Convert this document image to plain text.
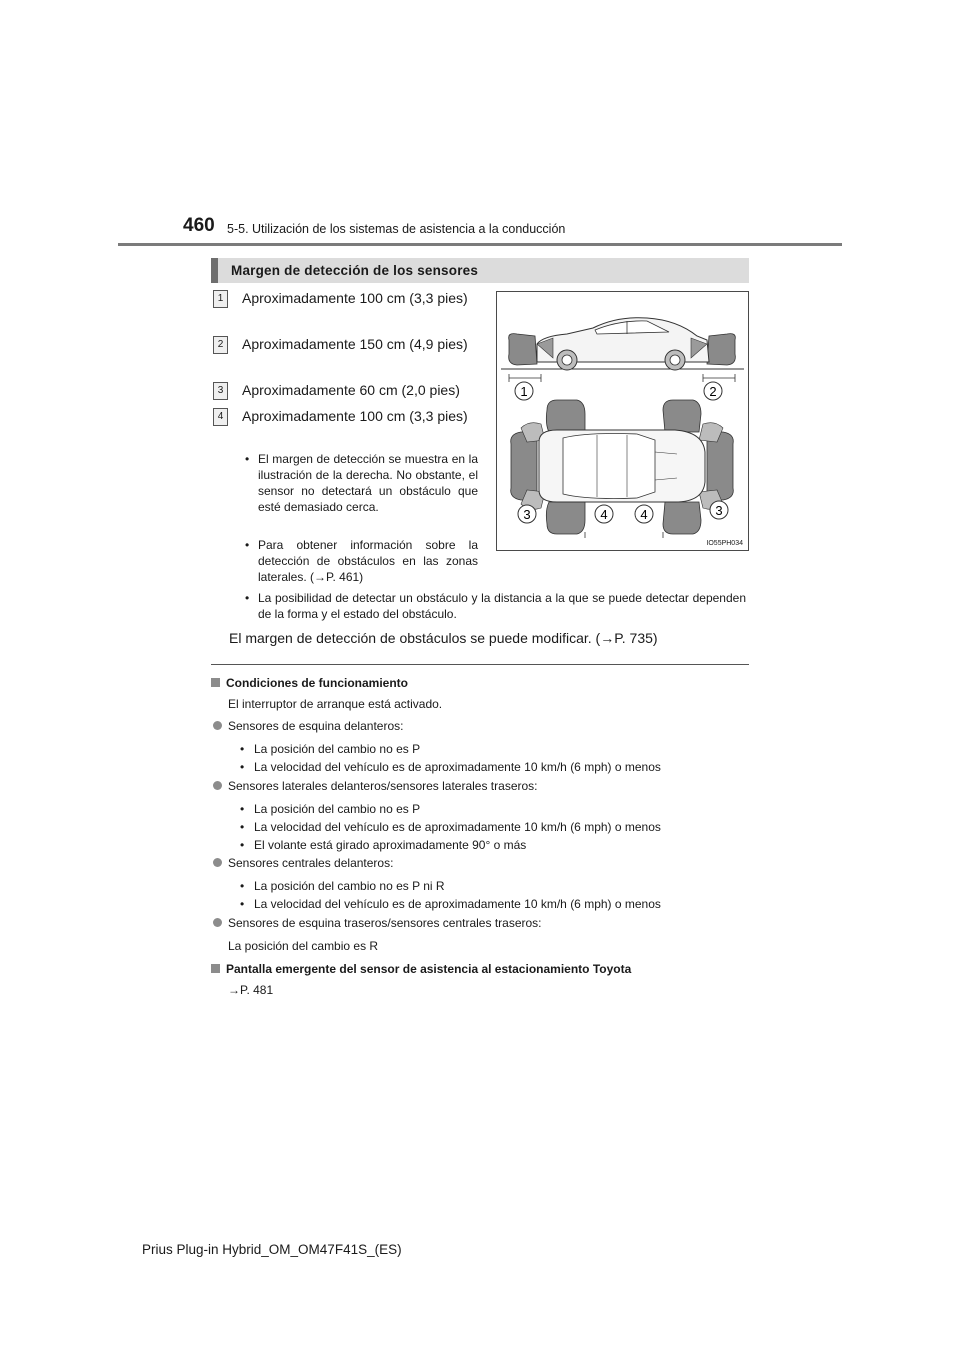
460 5-5. Utilización de los sistemas de asistencia a la conducción
Margen de detección de los sensores
1	Aproximadamente 100 cm (3,3 pies)
2	Aproximadamente 150 cm (4,9 pies)
3	Aproximadamente 60 cm (2,0 pies)
4	Aproximadamente 100 cm (3,3 pies)
• El margen de detección se muestra en la ilustración de la derecha. No obstante, el sensor no detectará un obstáculo que esté demasiado cerca.
• Para obtener información sobre la detección de obstáculos en las zonas laterales. (→P. 461)
• La posibilidad de detectar un obstáculo y la distancia a la que se puede detectar dependen de la forma y el estado del obstáculo.
1	2
3	4	4	3
IO55PH034
El margen de detección de obstáculos se puede modificar. (→P. 735)
Condiciones de funcionamiento
El interruptor de arranque está activado.
Sensores de esquina delanteros:
• La posición del cambio no es P
• La velocidad del vehículo es de aproximadamente 10 km/h (6 mph) o menos
Sensores laterales delanteros/sensores laterales traseros:
• La posición del cambio no es P
• La velocidad del vehículo es de aproximadamente 10 km/h (6 mph) o menos
• El volante está girado aproximadamente 90° o más
Sensores centrales delanteros:
• La posición del cambio no es P ni R
• La velocidad del vehículo es de aproximadamente 10 km/h (6 mph) o menos
Sensores de esquina traseros/sensores centrales traseros:
La posición del cambio es R
Pantalla emergente del sensor de asistencia al estacionamiento Toyota
→P. 481
Prius Plug-in Hybrid_OM_OM47F41S_(ES)
